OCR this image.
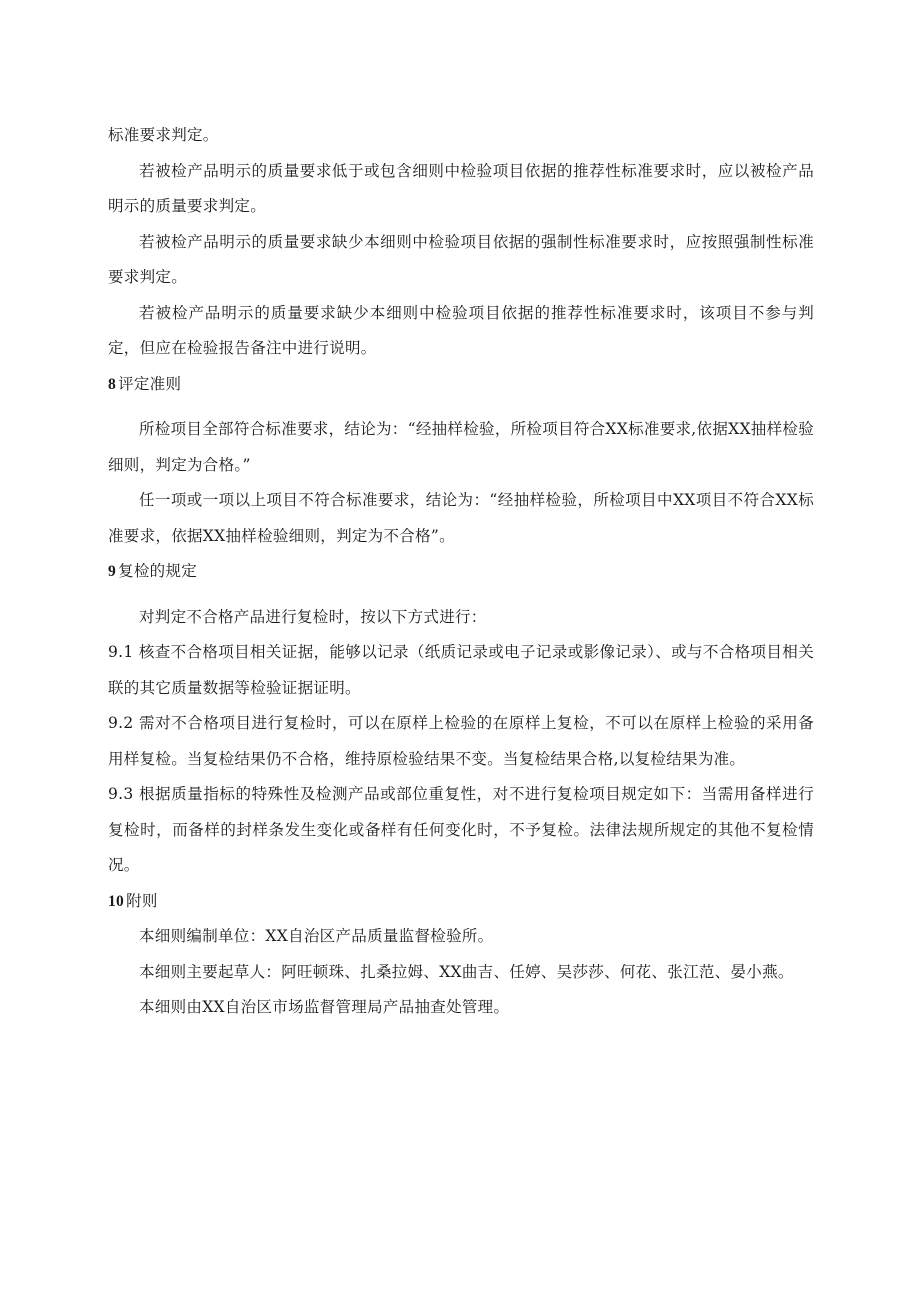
标准要求判定。

若被检产品明示的质量要求低于或包含细则中检验项目依据的推荐性标准要求时，应以被检产品明示的质量要求判定。

若被检产品明示的质量要求缺少本细则中检验项目依据的强制性标准要求时，应按照强制性标准要求判定。

若被检产品明示的质量要求缺少本细则中检验项目依据的推荐性标准要求时，该项目不参与判定，但应在检验报告备注中进行说明。

8 评定准则

所检项目全部符合标准要求，结论为：“经抽样检验，所检项目符合XX标准要求,依据XX抽样检验细则，判定为合格。”

任一项或一项以上项目不符合标准要求，结论为：“经抽样检验，所检项目中XX项目不符合XX标准要求，依据XX抽样检验细则，判定为不合格”。

9 复检的规定

对判定不合格产品进行复检时，按以下方式进行：

9.1 核查不合格项目相关证据，能够以记录（纸质记录或电子记录或影像记录）、或与不合格项目相关联的其它质量数据等检验证据证明。

9.2 需对不合格项目进行复检时，可以在原样上检验的在原样上复检，不可以在原样上检验的采用备用样复检。当复检结果仍不合格，维持原检验结果不变。当复检结果合格,以复检结果为准。

9.3 根据质量指标的特殊性及检测产品或部位重复性，对不进行复检项目规定如下：当需用备样进行复检时，而备样的封样条发生变化或备样有任何变化时，不予复检。法律法规所规定的其他不复检情况。

10 附则

本细则编制单位：XX自治区产品质量监督检验所。

本细则主要起草人：阿旺顿珠、扎桑拉姆、XX曲吉、任婷、吴莎莎、何花、张江范、晏小燕。

本细则由XX自治区市场监督管理局产品抽查处管理。
